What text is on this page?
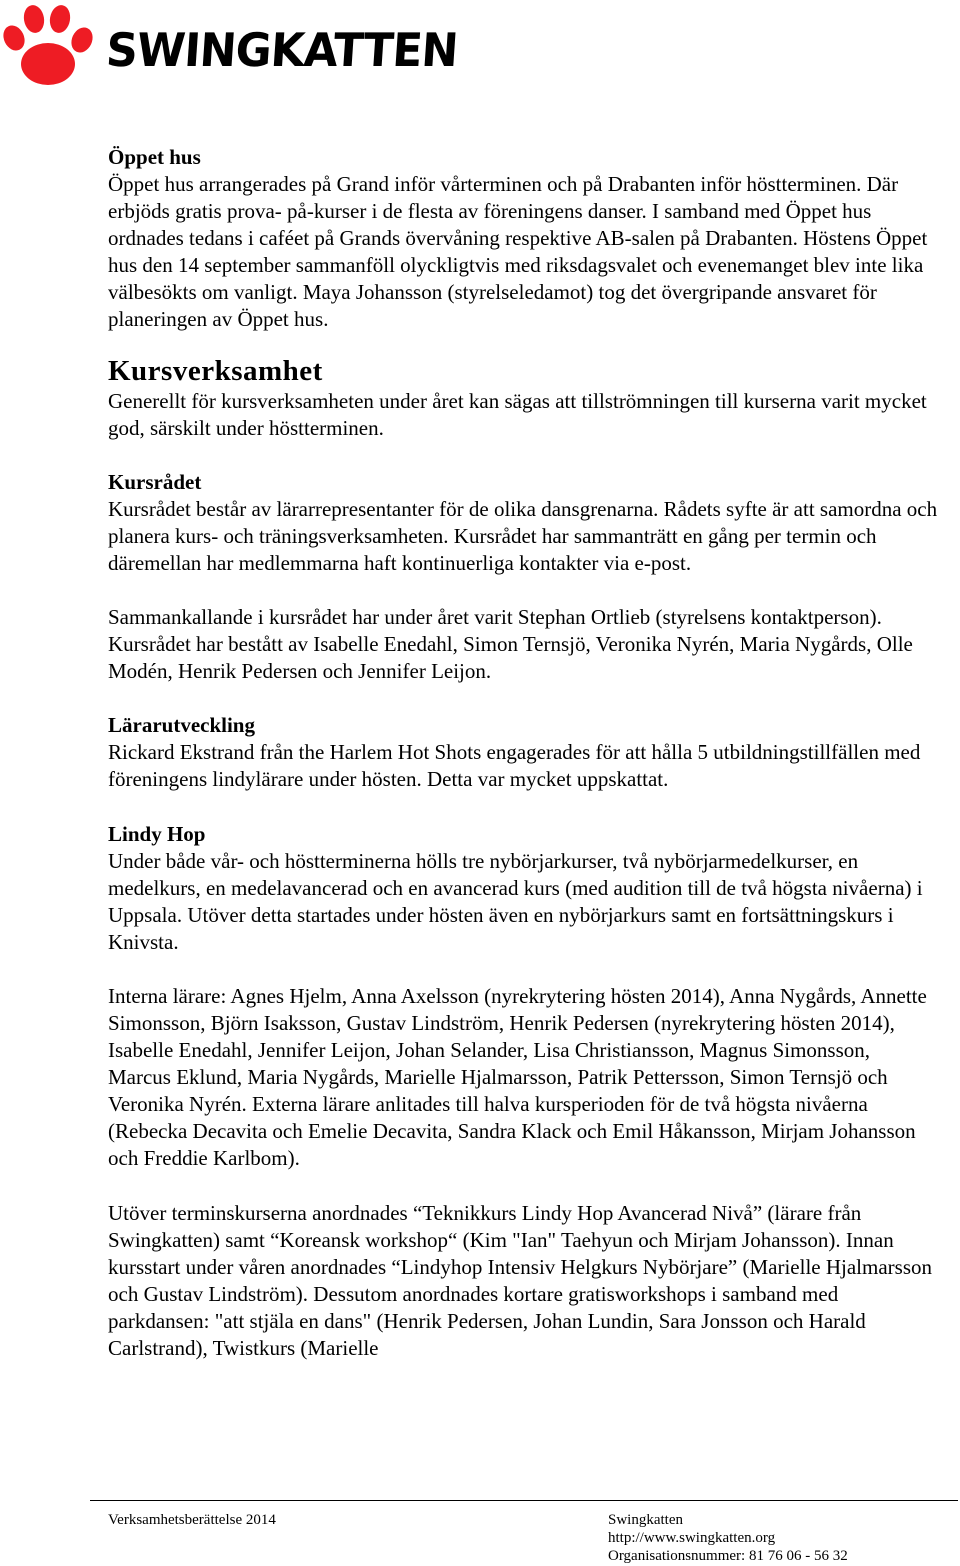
SWINGKATTEN

Öppet hus

Öppet hus arrangerades på Grand inför vårterminen och på Drabanten inför höstterminen. Där erbjöds gratis prova- på-kurser i de flesta av föreningens danser. I samband med Öppet hus ordnades tedans i caféet på Grands övervåning respektive AB-salen på Drabanten. Höstens Öppet hus den 14 september sammanföll olyckligtvis med riksdagsvalet och evenemanget blev inte lika välbesökts om vanligt. Maya Johansson (styrelseledamot) tog det övergripande ansvaret för planeringen av Öppet hus.

Kursverksamhet

Generellt för kursverksamheten under året kan sägas att tillströmningen till kurserna varit mycket god, särskilt under höstterminen.

Kursrådet

Kursrådet består av lärarrepresentanter för de olika dansgrenarna. Rådets syfte är att samordna och planera kurs- och träningsverksamheten. Kursrådet har sammanträtt en gång per termin och däremellan har medlemmarna haft kontinuerliga kontakter via e-post.

Sammankallande i kursrådet har under året varit Stephan Ortlieb (styrelsens kontaktperson). Kursrådet har bestått av Isabelle Enedahl, Simon Ternsjö, Veronika Nyrén, Maria Nygårds, Olle Modén, Henrik Pedersen och Jennifer Leijon.

Lärarutveckling

Rickard Ekstrand från the Harlem Hot Shots engagerades för att hålla 5 utbildningstillfällen med föreningens lindylärare under hösten. Detta var mycket uppskattat.

Lindy Hop

Under både vår- och höstterminerna hölls tre nybörjarkurser, två nybörjarmedelkurser, en medelkurs, en medelavancerad och en avancerad kurs (med audition till de två högsta nivåerna) i Uppsala. Utöver detta startades under hösten även en nybörjarkurs samt en fortsättningskurs i Knivsta.

Interna lärare: Agnes Hjelm, Anna Axelsson (nyrekrytering hösten 2014), Anna Nygårds, Annette Simonsson, Björn Isaksson, Gustav Lindström, Henrik Pedersen (nyrekrytering hösten 2014), Isabelle Enedahl, Jennifer Leijon, Johan Selander, Lisa Christiansson, Magnus Simonsson, Marcus Eklund, Maria Nygårds, Marielle Hjalmarsson, Patrik Pettersson, Simon Ternsjö och Veronika Nyrén. Externa lärare anlitades till halva kursperioden för de två högsta nivåerna (Rebecka Decavita och Emelie Decavita, Sandra Klack och Emil Håkansson, Mirjam Johansson och Freddie Karlbom).

Utöver terminskurserna anordnades “Teknikkurs Lindy Hop Avancerad Nivå” (lärare från Swingkatten) samt “Koreansk workshop“ (Kim "Ian" Taehyun och Mirjam Johansson). Innan kursstart under våren anordnades “Lindyhop Intensiv Helgkurs Nybörjare” (Marielle Hjalmarsson och Gustav Lindström). Dessutom anordnades kortare gratisworkshops i samband med parkdansen: "att stjäla en dans" (Henrik Pedersen, Johan Lundin, Sara Jonsson och Harald Carlstrand), Twistkurs (Marielle

Verksamhetsberättelse 2014	Swingkatten
http://www.swingkatten.org
Organisationsnummer: 81 76 06 - 56 32
